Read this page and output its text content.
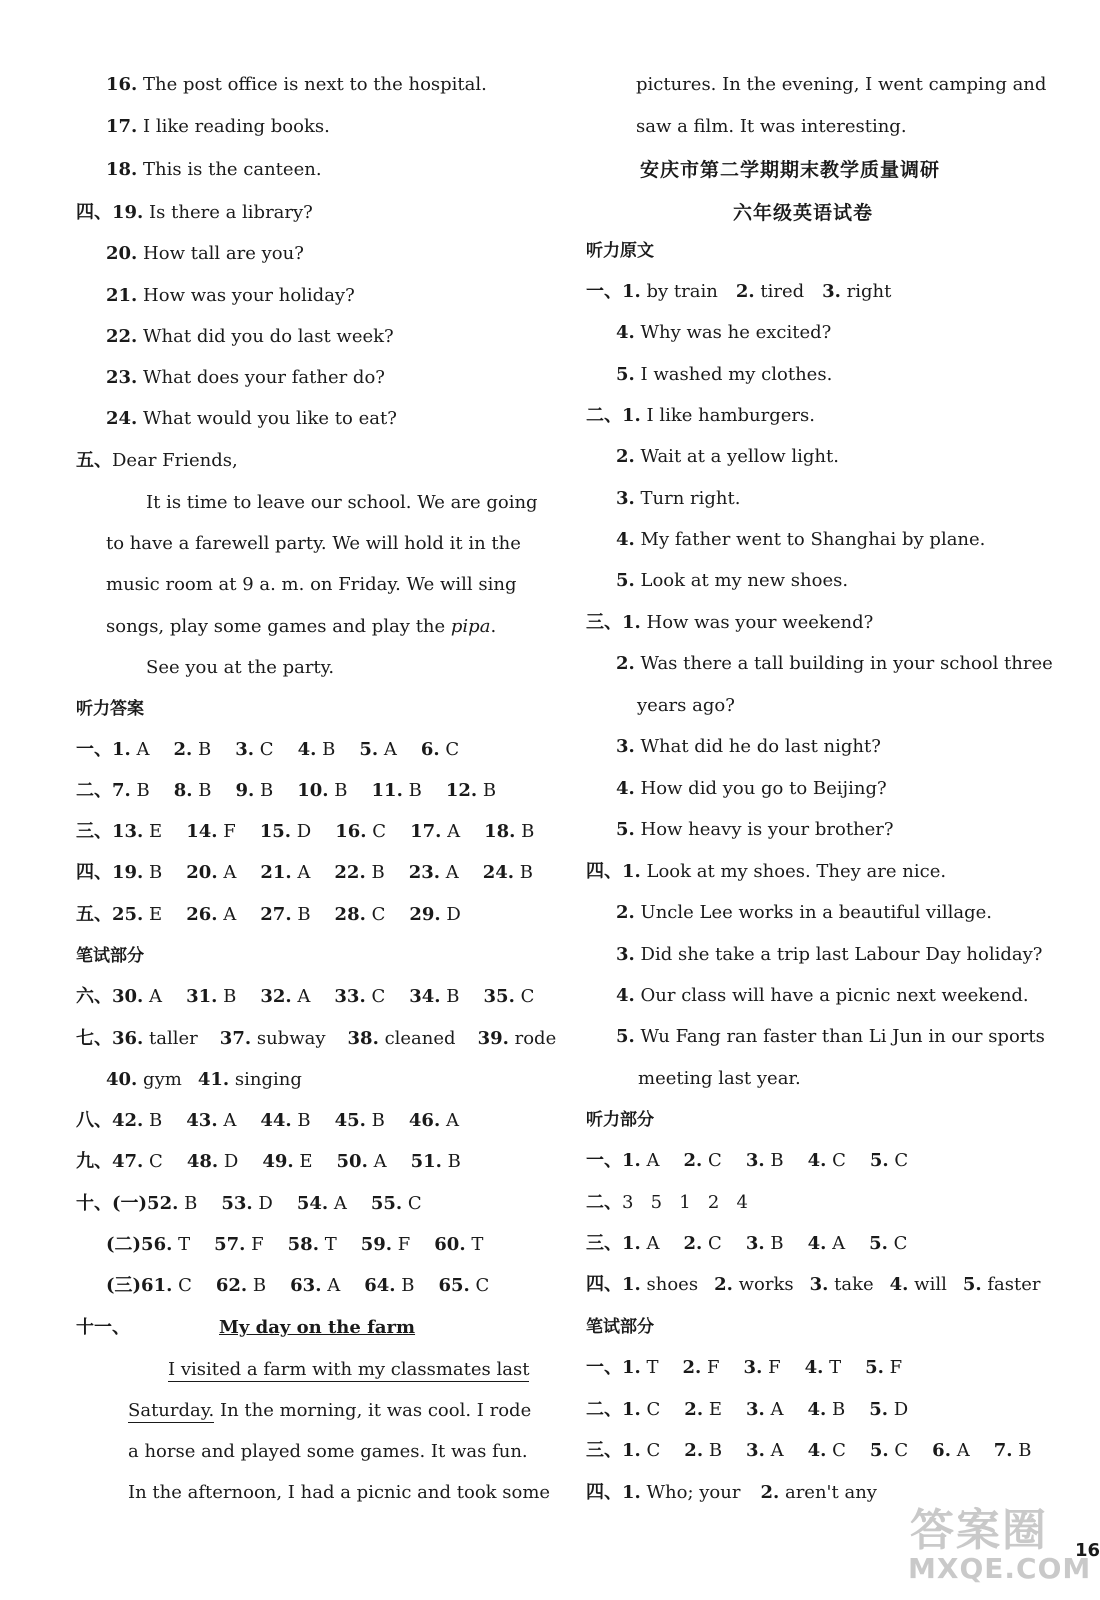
16. The post office is next to the hospital.
17. I like reading books.
18. This is the canteen.
四、19. Is there a library?
20. How tall are you?
21. How was your holiday?
22. What did you do last week?
23. What does your father do?
24. What would you like to eat?
五、Dear Friends,
It is time to leave our school. We are going
to have a farewell party. We will hold it in the
music room at 9 a. m. on Friday. We will sing
songs, play some games and play the pipa.
See you at the party.
听力答案
一、1. A 2. B 3. C 4. B 5. A 6. C
二、7. B 8. B 9. B 10. B 11. B 12. B
三、13. E 14. F 15. D 16. C 17. A 18. B
四、19. B 20. A 21. A 22. B 23. A 24. B
五、25. E 26. A 27. B 28. C 29. D
笔试部分
六、30. A 31. B 32. A 33. C 34. B 35. C
七、36. taller 37. subway 38. cleaned 39. rode
40. gym 41. singing
八、42. B 43. A 44. B 45. B 46. A
九、47. C 48. D 49. E 50. A 51. B
十、(一)52. B 53. D 54. A 55. C
(二)56. T 57. F 58. T 59. F 60. T
(三)61. C 62. B 63. A 64. B 65. C
十一、	My day on the farm
I visited a farm with my classmates last
Saturday. In the morning, it was cool. I rode
a horse and played some games. It was fun.
In the afternoon, I had a picnic and took some
pictures. In the evening, I went camping and
saw a film. It was interesting.
安庆市第二学期期末教学质量调研
六年级英语试卷
听力原文
一、1. by train 2. tired 3. right
4. Why was he excited?
5. I washed my clothes.
二、1. I like hamburgers.
2. Wait at a yellow light.
3. Turn right.
4. My father went to Shanghai by plane.
5. Look at my new shoes.
三、1. How was your weekend?
2. Was there a tall building in your school three
years ago?
3. What did he do last night?
4. How did you go to Beijing?
5. How heavy is your brother?
四、1. Look at my shoes. They are nice.
2. Uncle Lee works in a beautiful village.
3. Did she take a trip last Labour Day holiday?
4. Our class will have a picnic next weekend.
5. Wu Fang ran faster than Li Jun in our sports
meeting last year.
听力部分
一、1. A 2. C 3. B 4. C 5. C
二、3   5   1   2   4
三、1. A 2. C 3. B 4. A 5. C
四、1. shoes 2. works 3. take 4. will 5. faster
笔试部分
一、1. T 2. F 3. F 4. T 5. F
二、1. C 2. E 3. A 4. B 5. D
三、1. C 2. B 3. A 4. C 5. C 6. A 7. B
四、1. Who; your 2. aren't any
答案圈
MXQE.COM
16
